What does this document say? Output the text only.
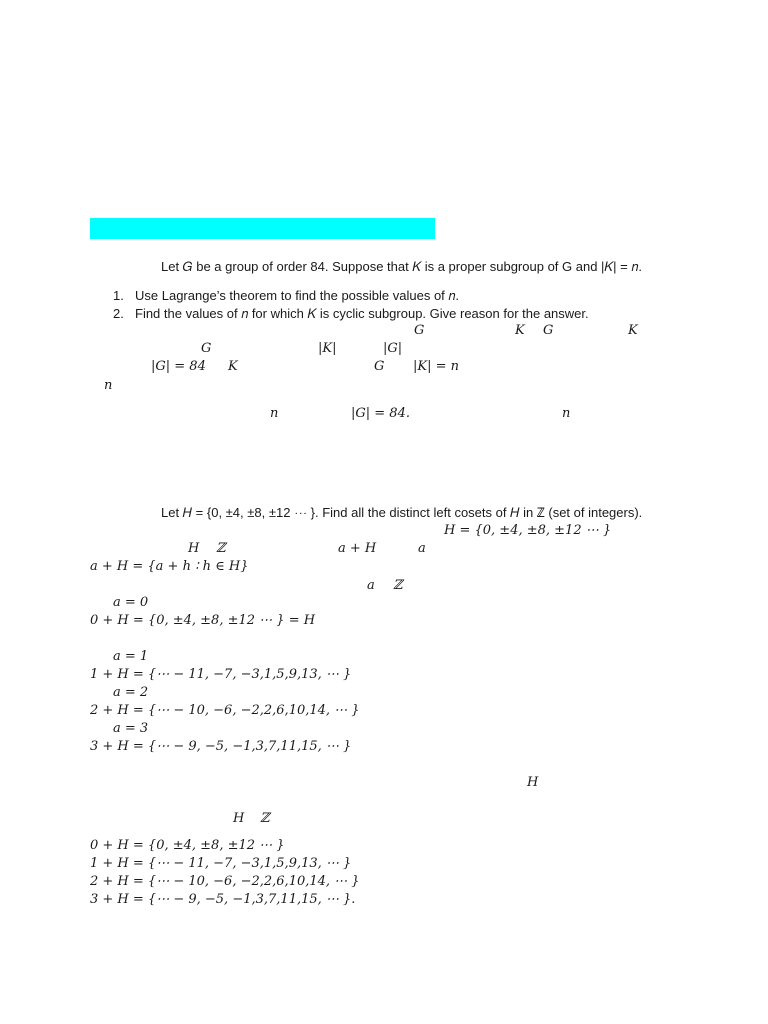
Let 𝐺 be a group of order 84. Suppose that 𝐾 is a proper subgroup of G and |𝐾| = 𝑛.
1. Use Lagrange’s theorem to find the possible values of 𝑛.
2. Find the values of 𝑛 for which 𝐾 is cyclic subgroup. Give reason for the answer.
𝐺	𝐾 𝐺	𝐾
𝐺	|𝐾|	|𝐺|
|𝐺| = 84 𝐾	𝐺 |𝐾| = 𝑛
𝑛
𝑛	|𝐺| = 84.	𝑛
Let 𝐻 = {0, ±4, ±8, ±12 ⋯ }. Find all the distinct left cosets of 𝐻 in ℤ (set of integers).
𝐻 = {0, ±4, ±8, ±12 ⋯ }
𝐻 ℤ	𝑎 + 𝐻	𝑎
𝑎 + 𝐻 = {𝑎 + ℎ ∶ ℎ ∈ 𝐻}
𝑎 ℤ
𝑎 = 0
0 + 𝐻 = {0, ±4, ±8, ±12 ⋯ } = 𝐻
𝑎 = 1
1 + 𝐻 = {⋯ − 11, −7, −3,1,5,9,13, ⋯ }
𝑎 = 2
2 + 𝐻 = {⋯ − 10, −6, −2,2,6,10,14, ⋯ }
𝑎 = 3
3 + 𝐻 = {⋯ − 9, −5, −1,3,7,11,15, ⋯ }
𝐻
𝐻 ℤ
0 + 𝐻 = {0, ±4, ±8, ±12 ⋯ }
1 + 𝐻 = {⋯ − 11, −7, −3,1,5,9,13, ⋯ }
2 + 𝐻 = {⋯ − 10, −6, −2,2,6,10,14, ⋯ }
3 + 𝐻 = {⋯ − 9, −5, −1,3,7,11,15, ⋯ }.
